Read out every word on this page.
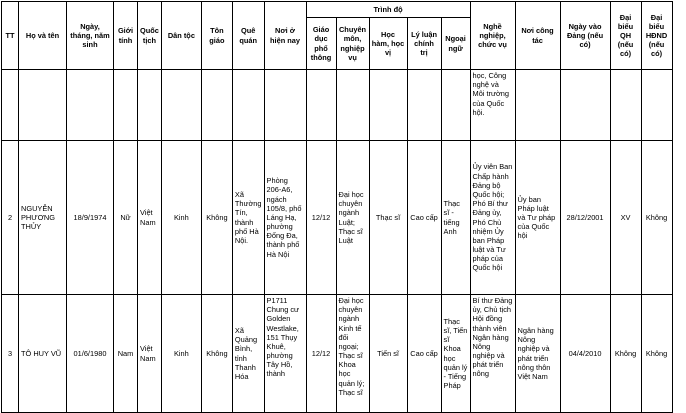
TT	Họ và tên	Ngày, tháng, năm sinh	Giới tính	Quốc tịch	Dân tộc	Tôn giáo	Quê quán	Nơi ở hiện nay	Trình độ					Nghề nghiệp, chức vụ	Nơi công tác	Ngày vào Đảng (nếu có)	Đại biểu QH (nếu có)	Đại biểu HĐND (nếu có)
									Giáo dục phổ thông	Chuyên môn, nghiệp vụ	Học hàm, học vị	Lý luận chính trị	Ngoại ngữ					
														học, Công nghệ và Môi trường của Quốc hội.				
2	NGUYỄN PHƯƠNG THỦY	18/9/1974	Nữ	Việt Nam	Kinh	Không	Xã Thường Tín, thành phố Hà Nội.	Phòng 206-A6, ngách 105/8, phố Láng Hạ, phường Đống Đa, thành phố Hà Nội	12/12	Đại học chuyên ngành Luật; Thạc sĩ Luật	Thạc sĩ	Cao cấp	Thạc sĩ - tiếng Anh	Ủy viên Ban Chấp hành Đảng bộ Quốc hội; Phó Bí thư Đảng ủy, Phó Chủ nhiệm Ủy ban Pháp luật và Tư pháp của Quốc hội	Ủy ban Pháp luật và Tư pháp của Quốc hội	28/12/2001	XV	Không
3	TÔ HUY VŨ	01/6/1980	Nam	Việt Nam	Kinh	Không	Xã Quảng Bình, tỉnh Thanh Hóa	P1711 Chung cư Golden Westlake, 151 Thụy Khuê, phường Tây Hồ, thành	12/12	Đại học chuyên ngành Kinh tế đối ngoại; Thạc sĩ Khoa học quản lý; Thạc sĩ	Tiến sĩ	Cao cấp	Thạc sĩ, Tiến sĩ Khoa học quản lý - Tiếng Pháp	Bí thư Đảng ủy, Chủ tịch Hội đồng thành viên Ngân hàng Nông nghiệp và phát triển nông	Ngân hàng Nông nghiệp và phát triển nông thôn Việt Nam	04/4/2010	Không	Không
